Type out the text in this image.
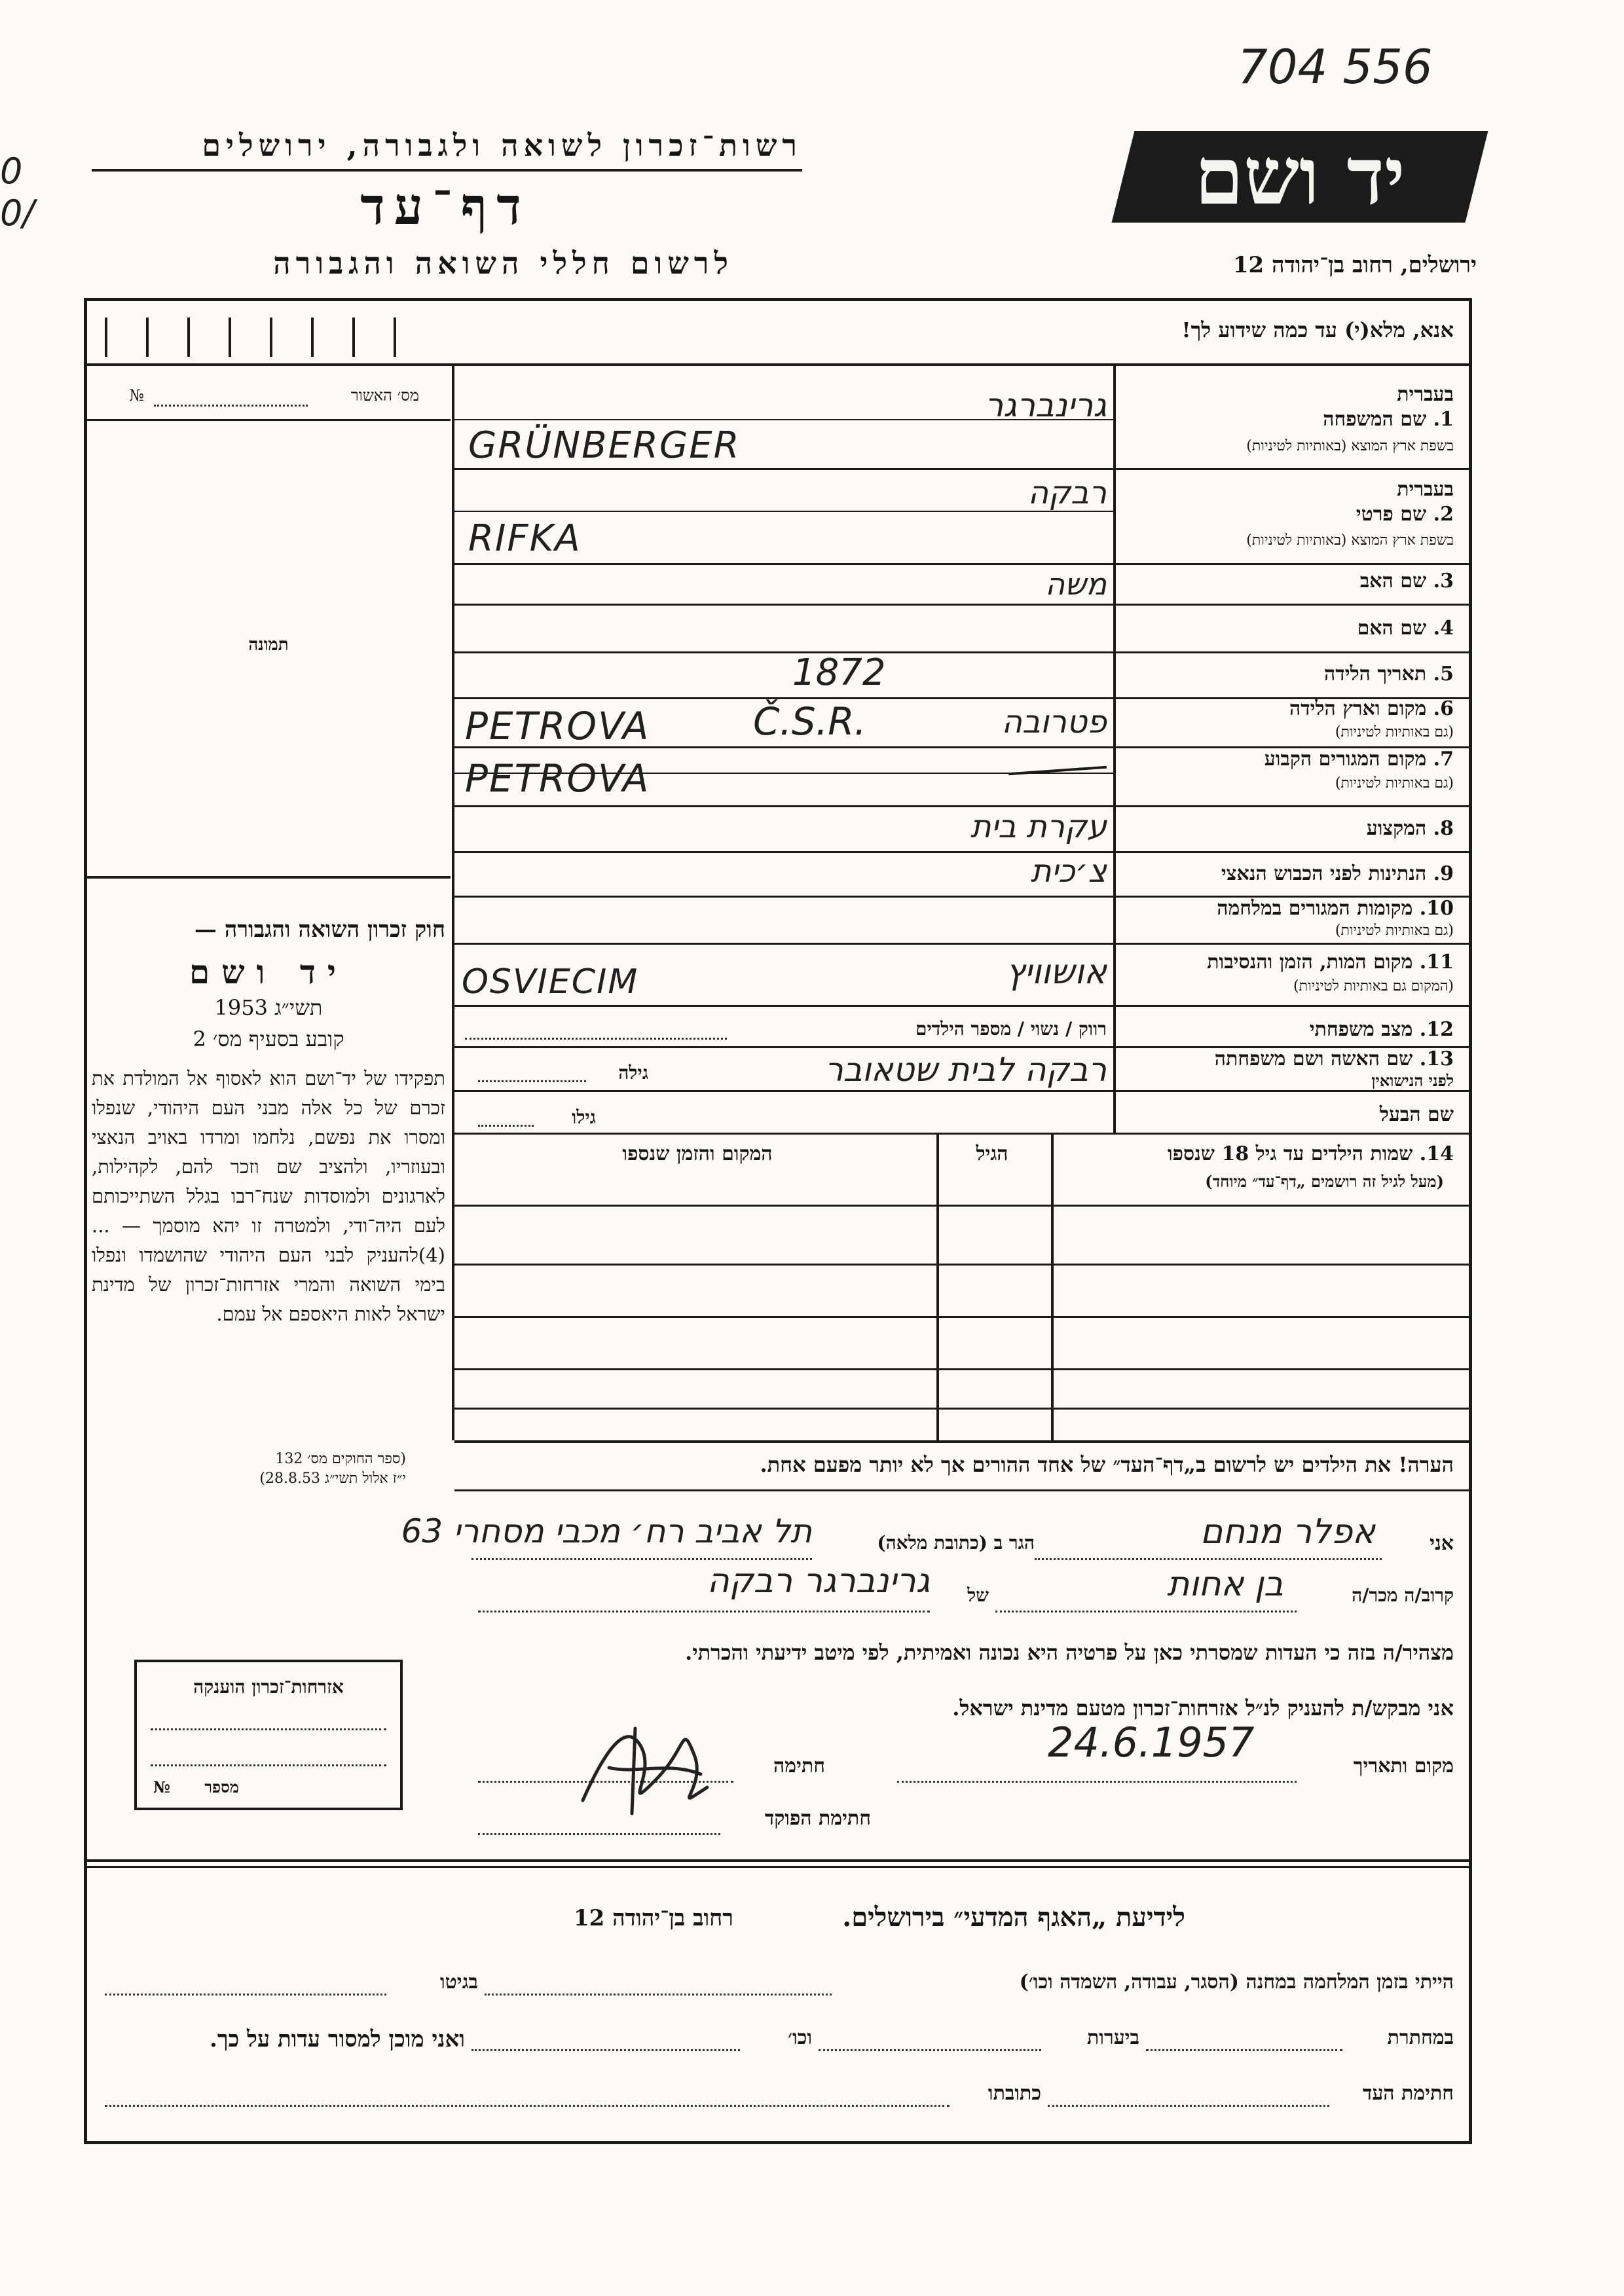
704 556
0
0/
רשות־זכרון לשואה ולגבורה, ירושלים
דף־עד
לרשום חללי השואה והגבורה
יד ושם
ירושלים, רחוב בן־יהודה 12
אנא, מלא(י) עד כמה שידוע לך!
מס׳ האשור
№
תמונה
חוק זכרון השואה והגבורה —
יד ושם
תשי״ג 1953
קובע בסעיף מס׳ 2
תפקידו של יד־ושם הוא לאסוף אל המולדת את זכרם של כל אלה מבני העם היהודי, שנפלו ומסרו את נפשם, נלחמו ומרדו באויב הנאצי ובעוזריו, ולהציב שם וזכר להם, לקהילות, לארגונים ולמוסדות שנח־רבו בגלל השתייכותם לעם היה־ודי, ולמטרה זו יהא מוסמך — ...(4)להעניק לבני העם היהודי שהושמדו ונפלו בימי השואה והמרי אזרחות־זכרון של מדינת ישראל לאות היאספם אל עמם.
(ספר החוקים מס׳ 132
י״ז אלול תשי״ג 28.8.53)
בעברית
1. שם המשפחה
בשפת ארץ המוצא (באותיות לטיניות)
גרינברגר
GRÜNBERGER
בעברית
2. שם פרטי
בשפת ארץ המוצא (באותיות לטיניות)
רבקה
RIFKA
3. שם האב
משה
4. שם האם
5. תאריך הלידה
1872
6. מקום וארץ הלידה
(גם באותיות לטיניות)
PETROVA	Č.S.R.	פטרובה
7. מקום המגורים הקבוע
(גם באותיות לטיניות)
PETROVA
8. המקצוע
עקרת בית
9. הנתינות לפני הכבוש הנאצי
צ׳כית
10. מקומות המגורים במלחמה
(גם באותיות לטיניות)
11. מקום המות, הזמן והנסיבות
(המקום גם באותיות לטיניות)
OSVIECIM	אושוויץ
12. מצב משפחתי
רווק / נשוי / מספר הילדים
13. שם האשה ושם משפחתה
לפני הנישואין
רבקה לבית שטאובר
גילה
שם הבעל
גילו
14. שמות הילדים עד גיל 18 שנספו
(מעל לגיל זה רושמים „דף־עד״ מיוחד)
הגיל
המקום והזמן שנספו
הערה! את הילדים יש לרשום ב„דף־העד״ של אחד ההורים אך לא יותר מפעם אחת.
אני
אפלר מנחם
הגר ב (כתובת מלאה)
תל אביב רח׳ מכבי מסחרי 63
קרוב/ה מכר/ה
בן אחות
של
גרינברגר רבקה
מצהיר/ה בזה כי העדות שמסרתי כאן על פרטיה היא נכונה ואמיתית, לפי מיטב ידיעתי והכרתי.
אזרחות־זכרון הוענקה
מספר
№
אני מבקש/ת להעניק לנ״ל אזרחות־זכרון מטעם מדינת ישראל.
מקום ותאריך
24.6.1957
חתימה
חתימת הפוקד
לידיעת „האגף המדעי״ בירושלים.
רחוב בן־יהודה 12
הייתי בזמן המלחמה במחנה (הסגר, עבודה, השמדה וכו׳)
בגיטו
במחתרת
ביערות
וכו׳
ואני מוכן למסור עדות על כך.
חתימת העד
כתובתו
